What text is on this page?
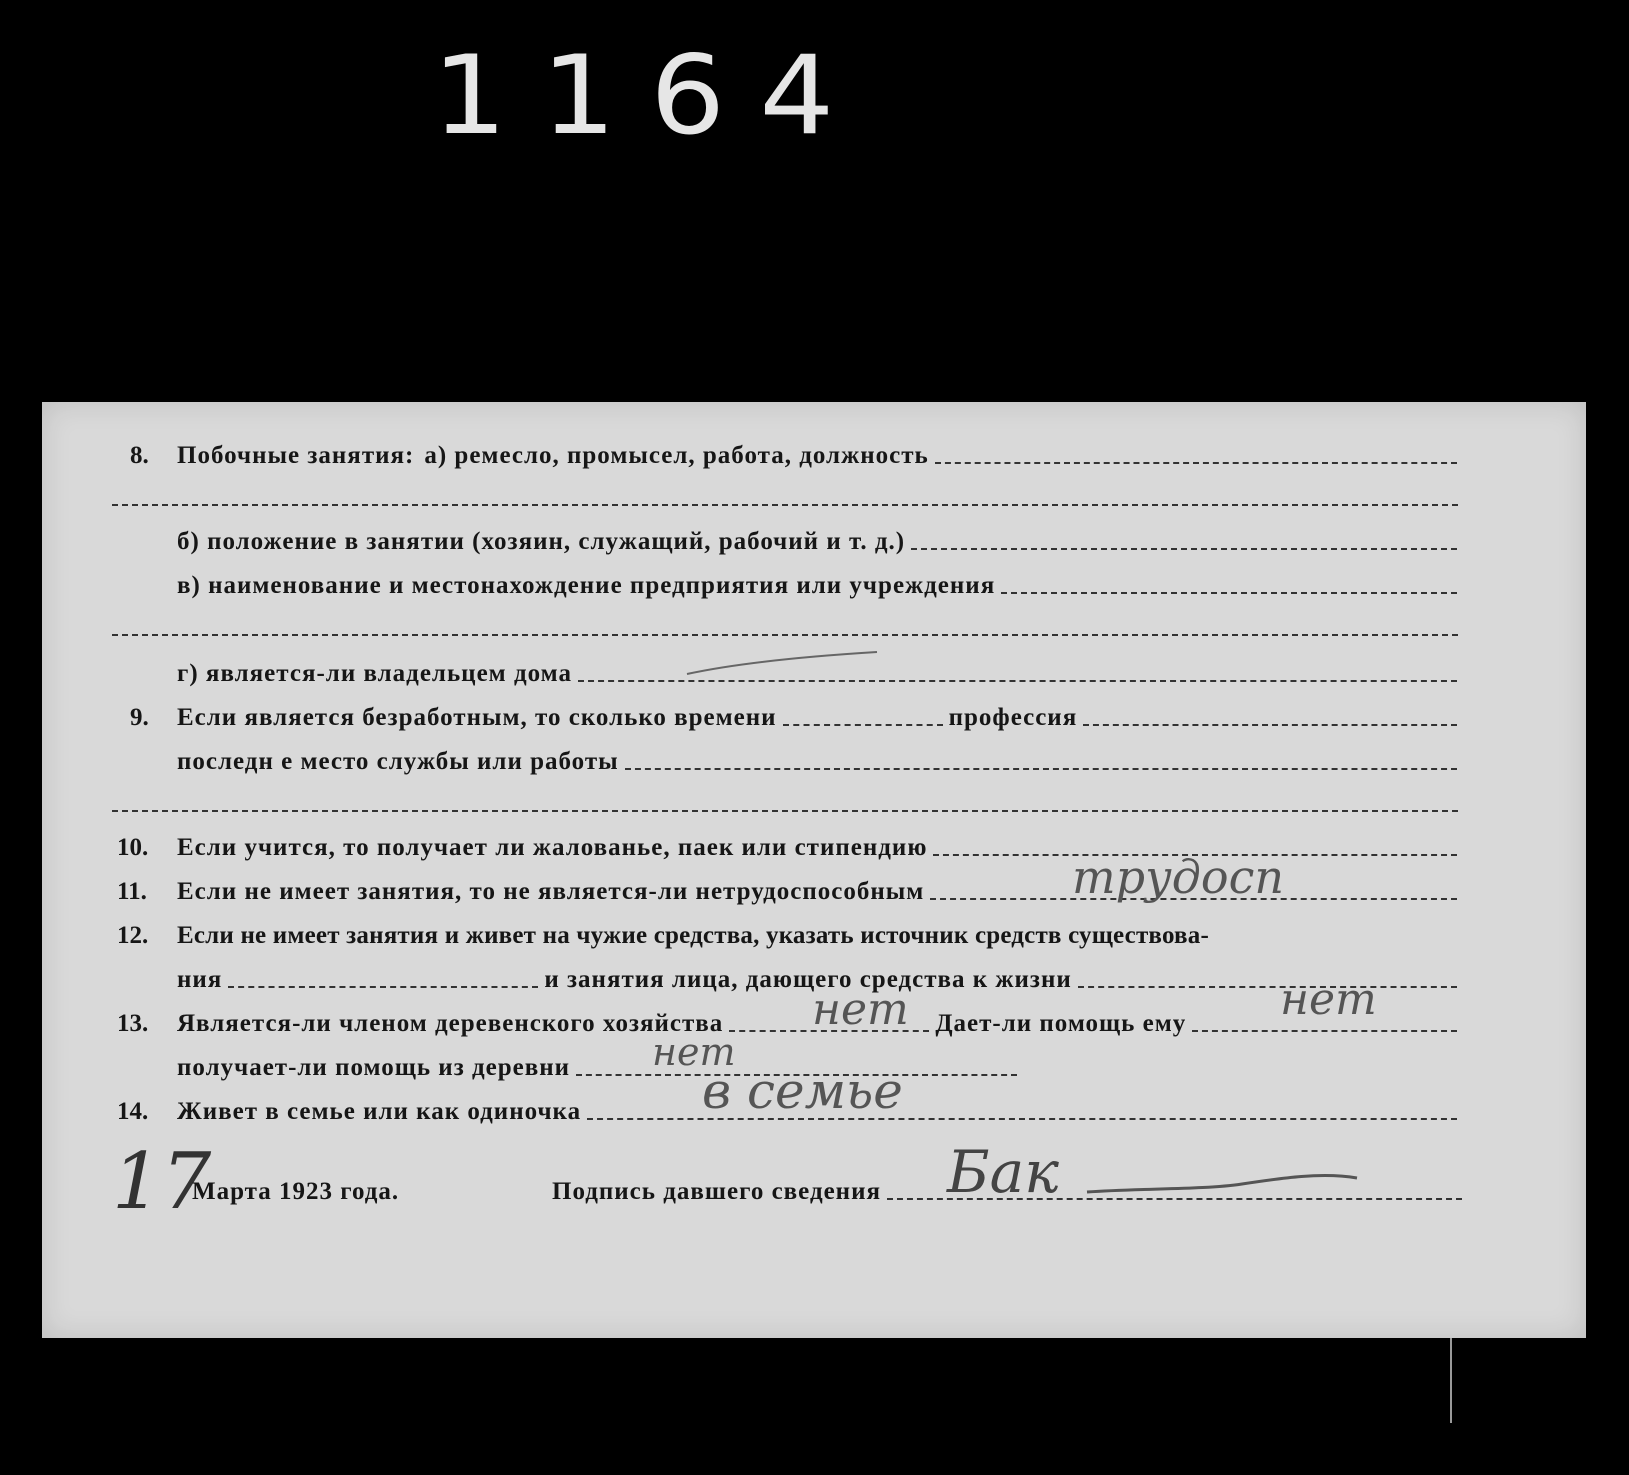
1164
8. Побочные занятия: а) ремесло, промысел, работа, должность
б) положение в занятии (хозяин, служащий, рабочий и т. д.)
в) наименование и местонахождение предприятия или учреждения
г) является-ли владельцем дома
9. Если является безработным, то сколько времени	профессия
последн е место службы или работы
10. Если учится, то получает ли жалованье, паек или стипендию
11. Если не имеет занятия, то не является-ли нетрудоспособным	трудосп
12. Если не имеет занятия и живет на чужие средства, указать источник средств существова-
ния	и занятия лица, дающего средства к жизни
13. Является-ли членом деревенского хозяйства	Дает-ли помощь ему
нет	нет
получает-ли помощь из деревни нет
14. Живет в семье или как одиночка в семье
17
Марта 1923 года.	Подпись давшего сведения Бак
